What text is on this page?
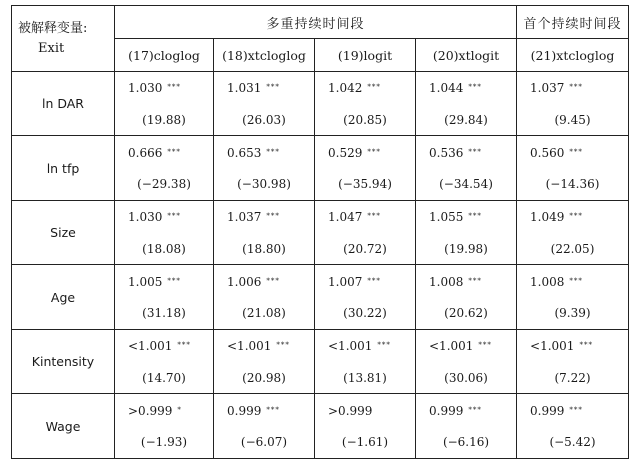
被解释变量:
Exit	多重持续时间段				首个持续时间段
	(17)cloglog	(18)xtcloglog	(19)logit	(20)xtlogit	(21)xtcloglog
ln DAR	1.030 ***	1.031 ***	1.042 ***	1.044 ***	1.037 ***
	(19.88)	(26.03)	(20.85)	(29.84)	(9.45)
ln tfp	0.666 ***	0.653 ***	0.529 ***	0.536 ***	0.560 ***
	(−29.38)	(−30.98)	(−35.94)	(−34.54)	(−14.36)
Size	1.030 ***	1.037 ***	1.047 ***	1.055 ***	1.049 ***
	(18.08)	(18.80)	(20.72)	(19.98)	(22.05)
Age	1.005 ***	1.006 ***	1.007 ***	1.008 ***	1.008 ***
	(31.18)	(21.08)	(30.22)	(20.62)	(9.39)
Kintensity	<1.001 ***	<1.001 ***	<1.001 ***	<1.001 ***	<1.001 ***
	(14.70)	(20.98)	(13.81)	(30.06)	(7.22)
Wage	>0.999 *	0.999 ***	>0.999	0.999 ***	0.999 ***
	(−1.93)	(−6.07)	(−1.61)	(−6.16)	(−5.42)
